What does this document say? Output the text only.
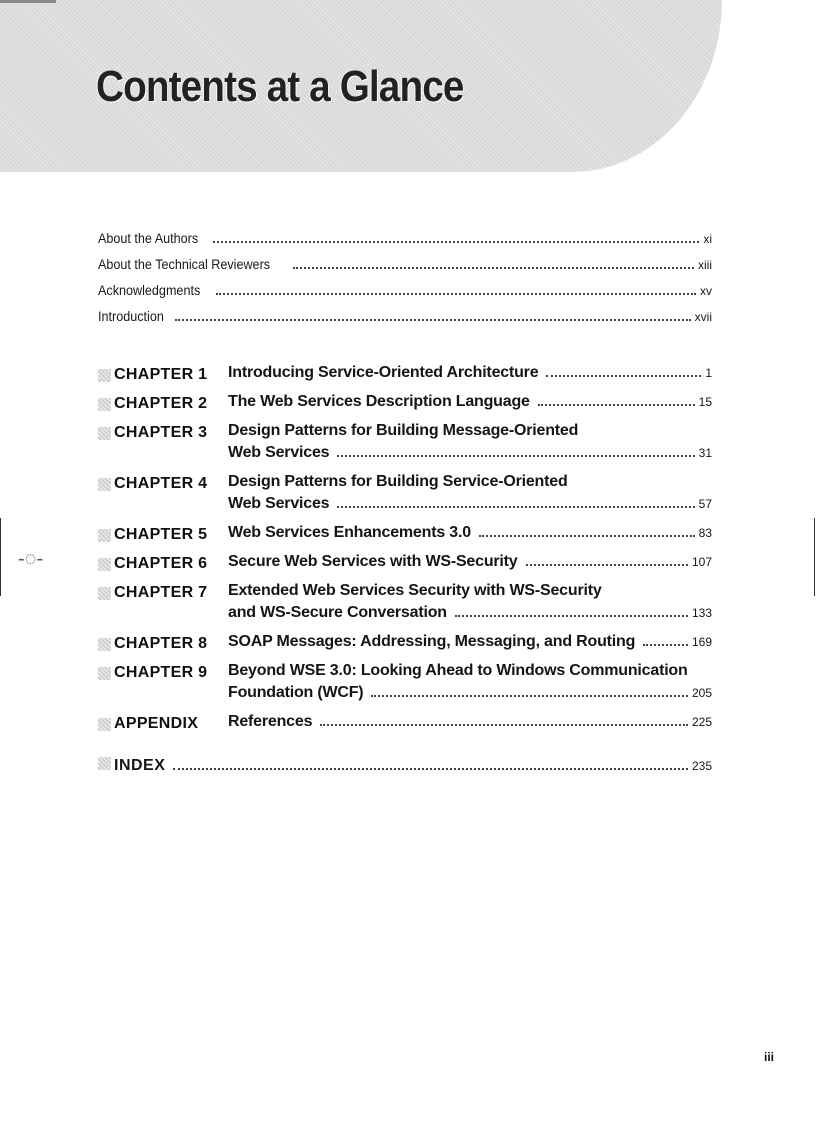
Contents at a Glance
About the Authors	xi
About the Technical Reviewers	xiii
Acknowledgments	xv
Introduction	xvii
CHAPTER 1 Introducing Service-Oriented Architecture	1
CHAPTER 2 The Web Services Description Language	15
CHAPTER 3 Design Patterns for Building Message-Oriented
Web Services	31
CHAPTER 4 Design Patterns for Building Service-Oriented
Web Services	57
CHAPTER 5 Web Services Enhancements 3.0	83
CHAPTER 6 Secure Web Services with WS-Security	107
CHAPTER 7 Extended Web Services Security with WS-Security
and WS-Secure Conversation	133
CHAPTER 8 SOAP Messages: Addressing, Messaging, and Routing	169
CHAPTER 9 Beyond WSE 3.0: Looking Ahead to Windows Communication
Foundation (WCF)	205
APPENDIX References	225
INDEX	235
-◌-
iii
